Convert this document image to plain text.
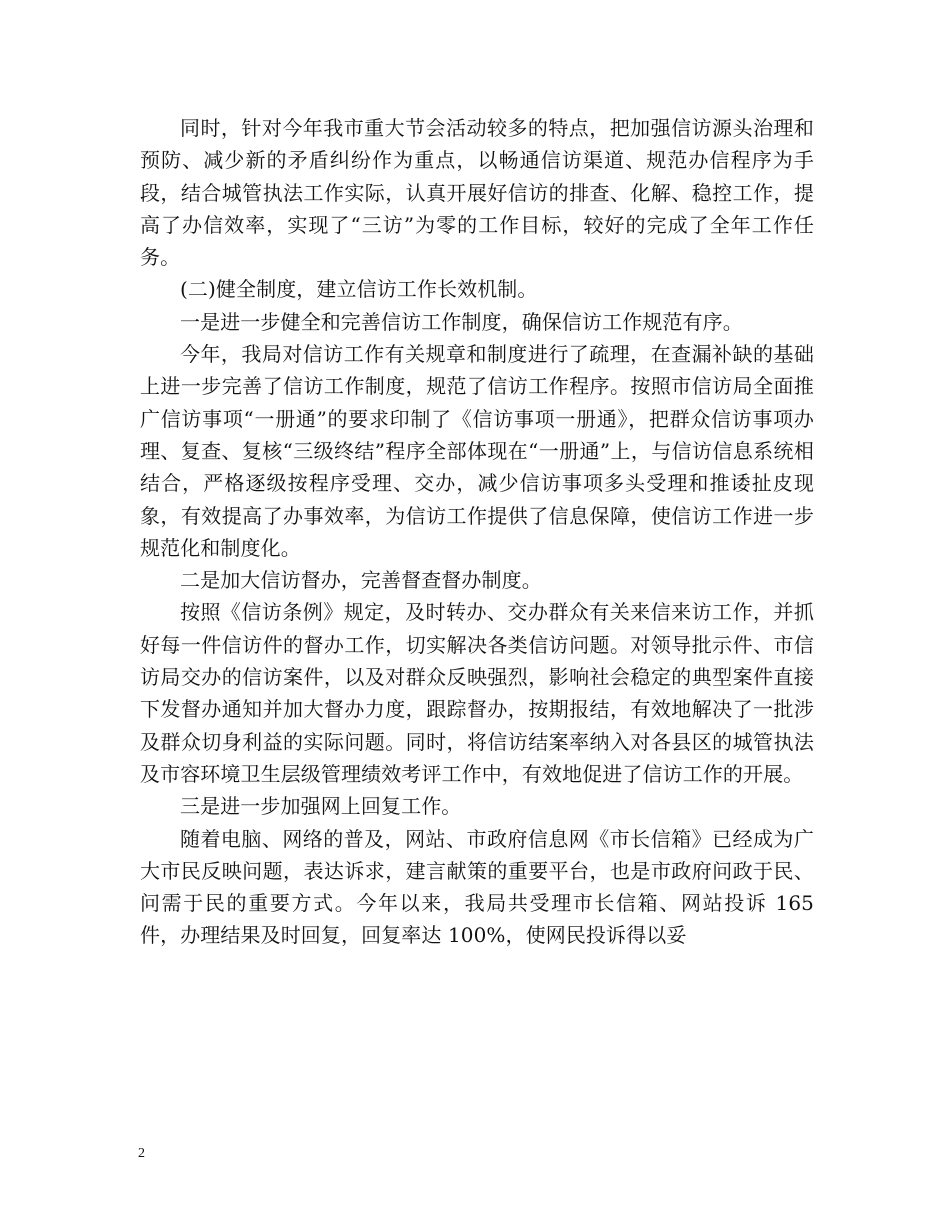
同时，针对今年我市重大节会活动较多的特点，把加强信访源头治理和预防、减少新的矛盾纠纷作为重点，以畅通信访渠道、规范办信程序为手段，结合城管执法工作实际，认真开展好信访的排查、化解、稳控工作，提高了办信效率，实现了“三访”为零的工作目标，较好的完成了全年工作任务。

(二)健全制度，建立信访工作长效机制。

一是进一步健全和完善信访工作制度，确保信访工作规范有序。

今年，我局对信访工作有关规章和制度进行了疏理，在查漏补缺的基础上进一步完善了信访工作制度，规范了信访工作程序。按照市信访局全面推广信访事项“一册通”的要求印制了《信访事项一册通》，把群众信访事项办理、复查、复核“三级终结”程序全部体现在“一册通”上，与信访信息系统相结合，严格逐级按程序受理、交办，减少信访事项多头受理和推诿扯皮现象，有效提高了办事效率，为信访工作提供了信息保障，使信访工作进一步规范化和制度化。

二是加大信访督办，完善督查督办制度。

按照《信访条例》规定，及时转办、交办群众有关来信来访工作，并抓好每一件信访件的督办工作，切实解决各类信访问题。对领导批示件、市信访局交办的信访案件，以及对群众反映强烈，影响社会稳定的典型案件直接下发督办通知并加大督办力度，跟踪督办，按期报结，有效地解决了一批涉及群众切身利益的实际问题。同时，将信访结案率纳入对各县区的城管执法及市容环境卫生层级管理绩效考评工作中，有效地促进了信访工作的开展。

三是进一步加强网上回复工作。

随着电脑、网络的普及，网站、市政府信息网《市长信箱》已经成为广大市民反映问题，表达诉求，建言献策的重要平台，也是市政府问政于民、问需于民的重要方式。今年以来，我局共受理市长信箱、网站投诉 165 件，办理结果及时回复，回复率达 100%，使网民投诉得以妥

2
